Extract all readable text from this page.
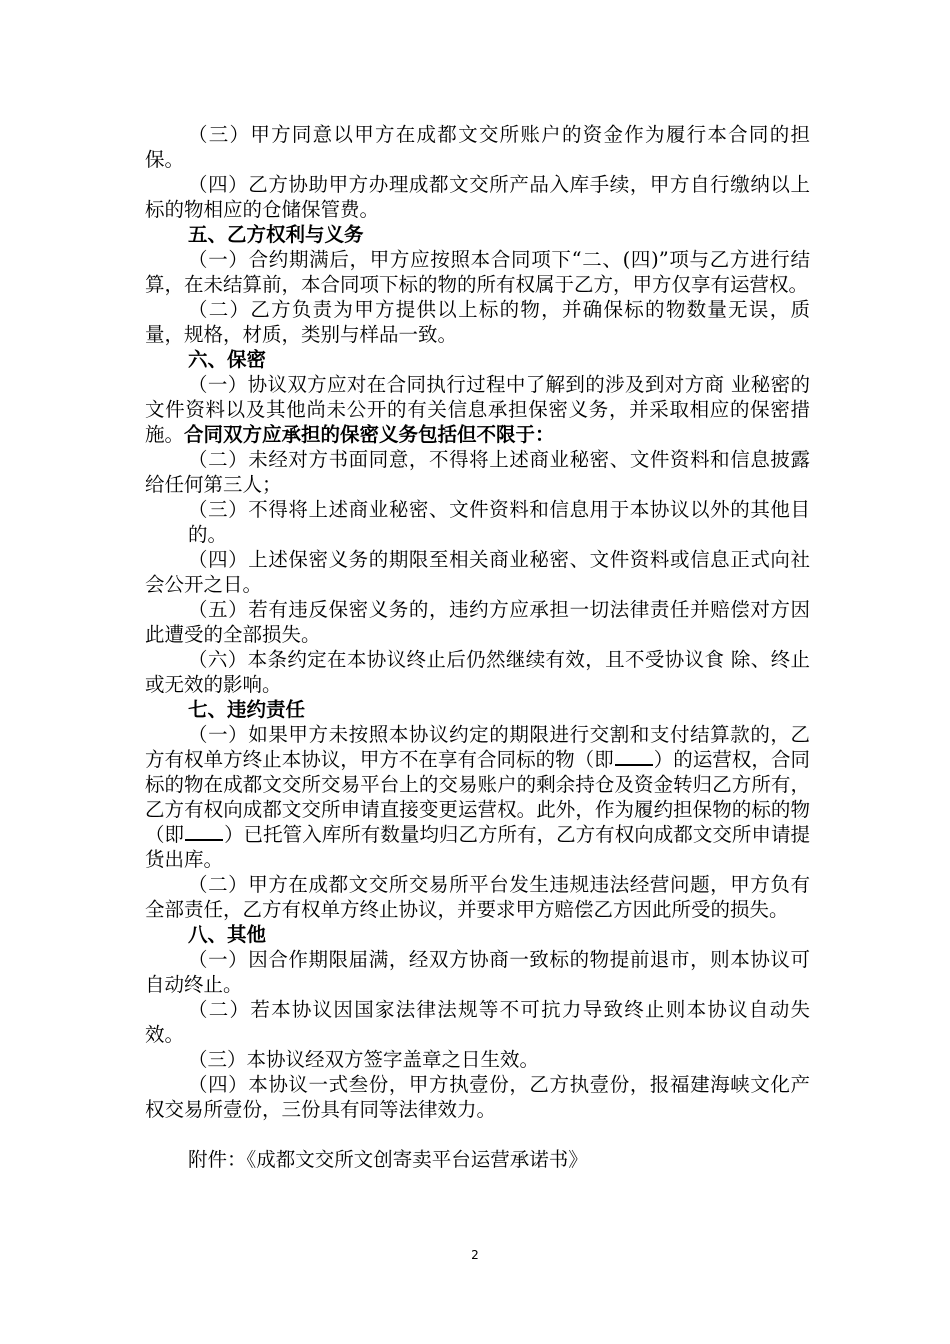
（三）甲方同意以甲方在成都文交所账户的资金作为履行本合同的担保。

（四）乙方协助甲方办理成都文交所产品入库手续，甲方自行缴纳以上标的物相应的仓储保管费。

五、乙方权利与义务

（一）合约期满后，甲方应按照本合同项下“二、(四)”项与乙方进行结算，在未结算前，本合同项下标的物的所有权属于乙方，甲方仅享有运营权。

（二）乙方负责为甲方提供以上标的物，并确保标的物数量无误，质量，规格，材质，类别与样品一致。

六、保密

（一）协议双方应对在合同执行过程中了解到的涉及到对方商 业秘密的文件资料以及其他尚未公开的有关信息承担保密义务，并采取相应的保密措施。合同双方应承担的保密义务包括但不限于：

（二）未经对方书面同意，不得将上述商业秘密、文件资料和信息披露给任何第三人；

（三）不得将上述商业秘密、文件资料和信息用于本协议以外的其他目的。

（四）上述保密义务的期限至相关商业秘密、文件资料或信息正式向社会公开之日。

（五）若有违反保密义务的，违约方应承担一切法律责任并赔偿对方因此遭受的全部损失。

（六）本条约定在本协议终止后仍然继续有效，且不受协议食 除、终止或无效的影响。

七、违约责任

（一）如果甲方未按照本协议约定的期限进行交割和支付结算款的，乙方有权单方终止本协议，甲方不在享有合同标的物（即 ）的运营权，合同标的物在成都文交所交易平台上的交易账户的剩余持仓及资金转归乙方所有，乙方有权向成都文交所申请直接变更运营权。此外，作为履约担保物的标的物（即 ）已托管入库所有数量均归乙方所有，乙方有权向成都文交所申请提货出库。

（二）甲方在成都文交所交易所平台发生违规违法经营问题，甲方负有全部责任，乙方有权单方终止协议，并要求甲方赔偿乙方因此所受的损失。

八、其他

（一）因合作期限届满，经双方协商一致标的物提前退市，则本协议可自动终止。

（二）若本协议因国家法律法规等不可抗力导致终止则本协议自动失效。

（三）本协议经双方签字盖章之日生效。

（四）本协议一式叁份，甲方执壹份，乙方执壹份，报福建海峡文化产权交易所壹份，三份具有同等法律效力。

附件：《成都文交所文创寄卖平台运营承诺书》

2
